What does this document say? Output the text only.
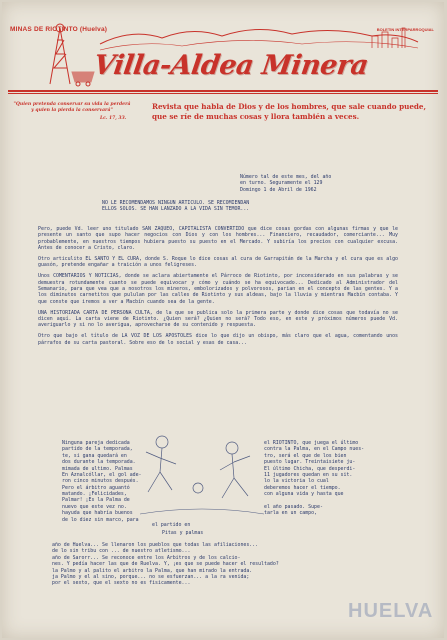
MINAS DE RIOTINTO (Huelva)	BOLETIN INTERPARROQUIAL
Villa-Aldea Minera
"Quien pretenda conservar su vida la perderá y quien la pierda la conservará"
Lc. 17, 33.
Revista que habla de Dios y de los hombres, que sale cuando puede, que se ríe de muchas cosas y llora también a veces.
Número tal de este mes, del año
en turno. Seguramente el 129
Domingo 1 de Abril de 1962
NO LE RECOMENDAMOS NINGUN ARTICULO. SE RECOMIENDAN
ELLOS SOLOS. SE HAN LANZADO A LA VIDA SIN TEMOR...

Pero, puede Vd. leer uno titulado SAN ZAQUEO, CAPITALISTA CONVERTIDO que dice cosas gordas con algunas firmas y que le presente un santo que supo hacer negocios con Dios y con los hombres... Financiero, recaudador, comerciante... Muy probablemente, en nuestros tiempos hubiera puesto su puesto en el Mercado. Y subiría los precios con cualquier excusa. Antes de conocer a Cristo, claro.

Otro articulito EL SANTO Y EL CURA, donde S. Roque lo dice cosas al cura de Garrapitán de la Marcha y el cura que es algo guasón, pretende engañar a traición a unos feligreses.

Unos COMENTARIOS Y NOTICIAS, donde se aclara abiertamente el Párroco de Riotinto, por inconsiderado en sus palabras y se demuestra rotundamente cuanto se puede equivocar y cómo y cuándo se ha equivocado... Dedicado al Administrador del Semanario, para que vea que a nosotros los mineros, embolorizados y polvorosos, parian en el concepto de las gentes. Y a los diminutos carnetitos que pululan por las calles de Riotinto y sus aldeas, bajo la lluvia y mientras Macbín contaba. Y que conste que iremos a ver a Macbín cuando sea de la gente.

UNA HISTORIADA CARTA DE PERSONA CULTA, de la que se publica solo la primera parte y donde dice cosas que todavía no se dicen aquí. La carta viene de Riotinto. ¿Quien será? ¿Quien no será? Todo eso, en este y próximos números puede Vd. averiguarlo y si no lo averigua, aprovecharse de su contenido y respuesta.

Otro que bajo el título de LA VOZ DE LOS APOSTOLES dice lo que dijo un obispo, más claro que el agua, comentando unos párrafos de su carta pastoral. Sobre eso de lo social y esas de casa...

Ninguna pareja dedicada
partido de la temporada,
te, si gana quedará en
dos durante la temporada.
mimada de ultimo. Palmas
En Aznalcóllar, el gol ade-
ron cinco minutos después.
Pero el árbitro aguantó
matando. ¡Felicidades,
Palmar! ¡Es la Palma de
nuevo que este vez no.
hayuda que habría buenos
de lo diez sin marco, para
el RIOTINTO, que juega el último
contra la Palma, en el Campo nues-
tro, será el que de los bien
puesto lugar. Treintaisiete ju-
El último Chicha, que desperdi-
11 jugadores quedan en su sit.
lo la victoria lo cual
deberemos hacer el tiempo.
con alguna vida y hasta que

el año pasado. Supe-
tarla en un campo,
el partido en
Pitas y palmas
año de Huelva... Se llenaron los pueblos que todas las afiliaciones...
de lo sin tribu con ... de nuestro atletismo...
año de Sarorr... Se reconoce entre los Arbitros y de los calcio-
nes. Y pedía hacer las que de Ruelva. Y, ¡es que se puede hacer el resultado?
la Palmo y al palito el arbitro la Palma, que han mirado la entrada.
ja Palmo y el al sino, porque... no se esfuerzan... a la ra venida;
por el sexto, que el sexto no es fisicamente...
HUELVA
